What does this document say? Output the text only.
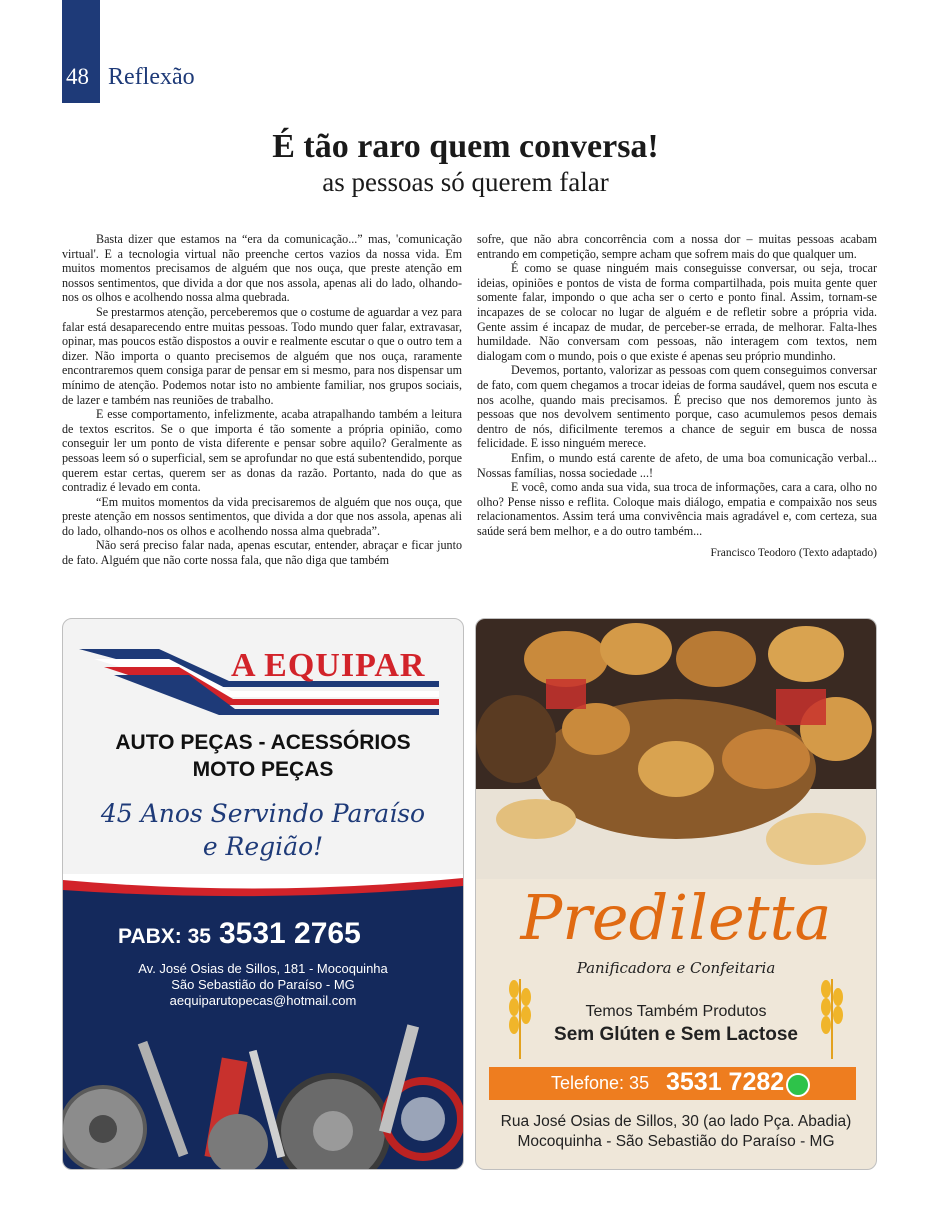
48 Reflexão
É tão raro quem conversa!
as pessoas só querem falar

Basta dizer que estamos na “era da comunicação...” mas, 'comunicação virtual'. E a tecnologia virtual não preenche certos vazios da nossa vida. Em muitos momentos precisamos de alguém que nos ouça, que preste atenção em nossos sentimentos, que divida a dor que nos assola, apenas ali do lado, olhando-nos os olhos e acolhendo nossa alma quebrada.

Se prestarmos atenção, perceberemos que o costume de aguardar a vez para falar está desaparecendo entre muitas pessoas. Todo mundo quer falar, extravasar, opinar, mas poucos estão dispostos a ouvir e realmente escutar o que o outro tem a dizer. Não importa o quanto precisemos de alguém que nos ouça, raramente encontraremos quem consiga parar de pensar em si mesmo, para nos dispensar um mínimo de atenção. Podemos notar isto no ambiente familiar, nos grupos sociais, de lazer e também nas reuniões de trabalho.

E esse comportamento, infelizmente, acaba atrapalhando também a leitura de textos escritos. Se o que importa é tão somente a própria opinião, como conseguir ler um ponto de vista diferente e pensar sobre aquilo? Geralmente as pessoas leem só o superficial, sem se aprofundar no que está subentendido, porque querem estar certas, querem ser as donas da razão. Portanto, nada do que as contradiz é levado em conta.

“Em muitos momentos da vida precisaremos de alguém que nos ouça, que preste atenção em nossos sentimentos, que divida a dor que nos assola, apenas ali do lado, olhando-nos os olhos e acolhendo nossa alma quebrada”.

Não será preciso falar nada, apenas escutar, entender, abraçar e ficar junto de fato. Alguém que não corte nossa fala, que não diga que também

sofre, que não abra concorrência com a nossa dor – muitas pessoas acabam entrando em competição, sempre acham que sofrem mais do que qualquer um.

É como se quase ninguém mais conseguisse conversar, ou seja, trocar ideias, opiniões e pontos de vista de forma compartilhada, pois muita gente quer somente falar, impondo o que acha ser o certo e ponto final. Assim, tornam-se incapazes de se colocar no lugar de alguém e de refletir sobre a própria vida. Gente assim é incapaz de mudar, de perceber-se errada, de melhorar. Falta-lhes humildade. Não conversam com pessoas, não interagem com textos, nem dialogam com o mundo, pois o que existe é apenas seu próprio mundinho.

Devemos, portanto, valorizar as pessoas com quem conseguimos conversar de fato, com quem chegamos a trocar ideias de forma saudável, quem nos escuta e nos acolhe, quando mais precisamos. É preciso que nos demoremos junto às pessoas que nos devolvem sentimento porque, caso acumulemos pesos demais dentro de nós, dificilmente teremos a chance de seguir em busca de nossa felicidade. E isso ninguém merece.

Enfim, o mundo está carente de afeto, de uma boa comunicação verbal... Nossas famílias, nossa sociedade ...!

E você, como anda sua vida, sua troca de informações, cara a cara, olho no olho? Pense nisso e reflita. Coloque mais diálogo, empatia e compaixão nos seus relacionamentos. Assim terá uma convivência mais agradável e, com certeza, sua saúde será bem melhor, e a do outro também...

Francisco Teodoro (Texto adaptado)

A EQUIPAR
AUTO PEÇAS - ACESSÓRIOS
MOTO PEÇAS
45 Anos Servindo Paraíso
e Região!
PABX: 35 3531 2765
Av. José Osias de Sillos, 181 - Mocoquinha
São Sebastião do Paraíso - MG
aequiparutopecas@hotmail.com
Prediletta
Panificadora e Confeitaria
Temos Também Produtos
Sem Glúten e Sem Lactose
Telefone: 35 3531 7282
Rua José Osias de Sillos, 30 (ao lado Pça. Abadia)
Mocoquinha - São Sebastião do Paraíso - MG
